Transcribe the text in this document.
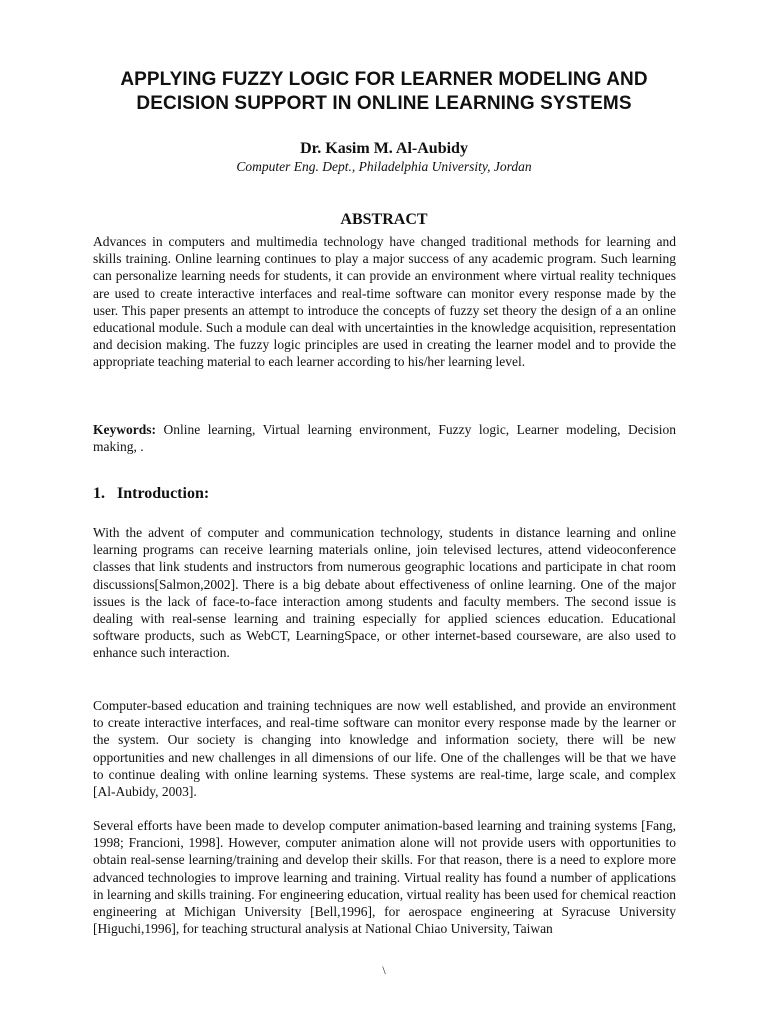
APPLYING FUZZY LOGIC FOR LEARNER MODELING AND
DECISION SUPPORT IN ONLINE LEARNING SYSTEMS
Dr. Kasim M. Al-Aubidy
Computer Eng. Dept., Philadelphia University, Jordan
ABSTRACT
Advances in computers and multimedia technology have changed traditional methods for learning and skills training. Online learning continues to play a major success of any academic program. Such learning can personalize learning needs for students, it can provide an environment where virtual reality techniques are used to create interactive interfaces and real-time software can monitor every response made by the user. This paper presents an attempt to introduce the concepts of fuzzy set theory the design of a an online educational module. Such a module can deal with uncertainties in the knowledge acquisition, representation and decision making. The fuzzy logic principles are used in creating the learner model and to provide the appropriate teaching material to each learner according to his/her learning level.
Keywords: Online learning, Virtual learning environment, Fuzzy logic, Learner modeling, Decision making, .
1. Introduction:
With the advent of computer and communication technology, students in distance learning and online learning programs can receive learning materials online, join televised lectures, attend videoconference classes that link students and instructors from numerous geographic locations and participate in chat room discussions[Salmon,2002]. There is a big debate about effectiveness of online learning. One of the major issues is the lack of face-to-face interaction among students and faculty members. The second issue is dealing with real-sense learning and training especially for applied sciences education. Educational software products, such as WebCT, LearningSpace, or other internet-based courseware, are also used to enhance such interaction.
Computer-based education and training techniques are now well established, and provide an environment to create interactive interfaces, and real-time software can monitor every response made by the learner or the system. Our society is changing into knowledge and information society, there will be new opportunities and new challenges in all dimensions of our life. One of the challenges will be that we have to continue dealing with online learning systems. These systems are real-time, large scale, and complex [Al-Aubidy, 2003].
Several efforts have been made to develop computer animation-based learning and training systems [Fang, 1998; Francioni, 1998]. However, computer animation alone will not provide users with opportunities to obtain real-sense learning/training and develop their skills. For that reason, there is a need to explore more advanced technologies to improve learning and training. Virtual reality has found a number of applications in learning and skills training. For engineering education, virtual reality has been used for chemical reaction engineering at Michigan University [Bell,1996], for aerospace engineering at Syracuse University [Higuchi,1996], for teaching structural analysis at National Chiao University, Taiwan
\
